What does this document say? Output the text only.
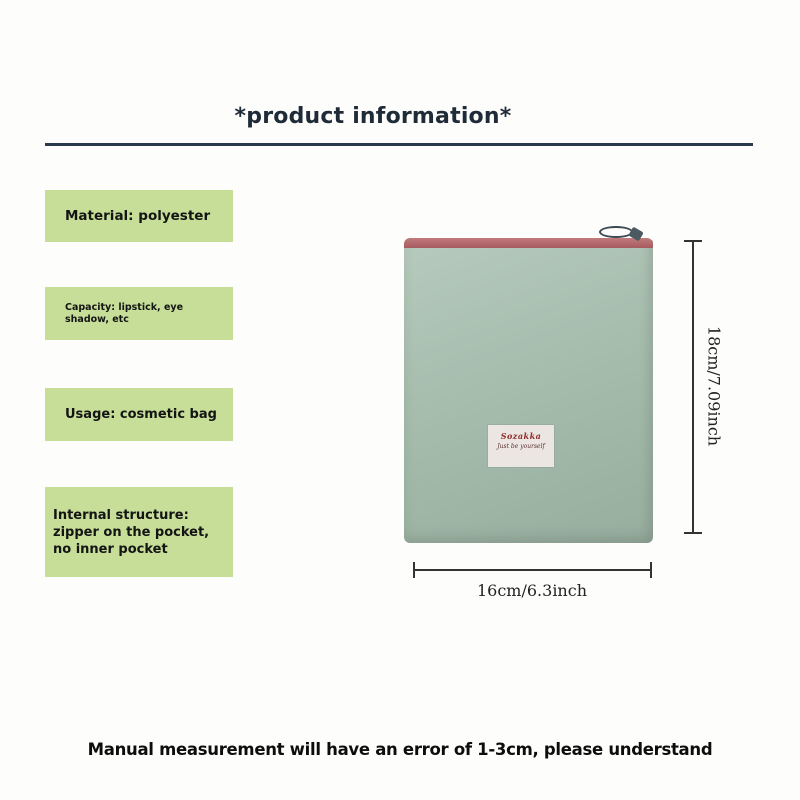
*product information*
Material: polyester
Capacity: lipstick, eye
shadow, etc
Usage: cosmetic bag
Internal structure:
zipper on the pocket,
no inner pocket
Sozakka
Just be yourself
18cm/7.09inch
16cm/6.3inch
Manual measurement will have an error of 1-3cm, please understand
